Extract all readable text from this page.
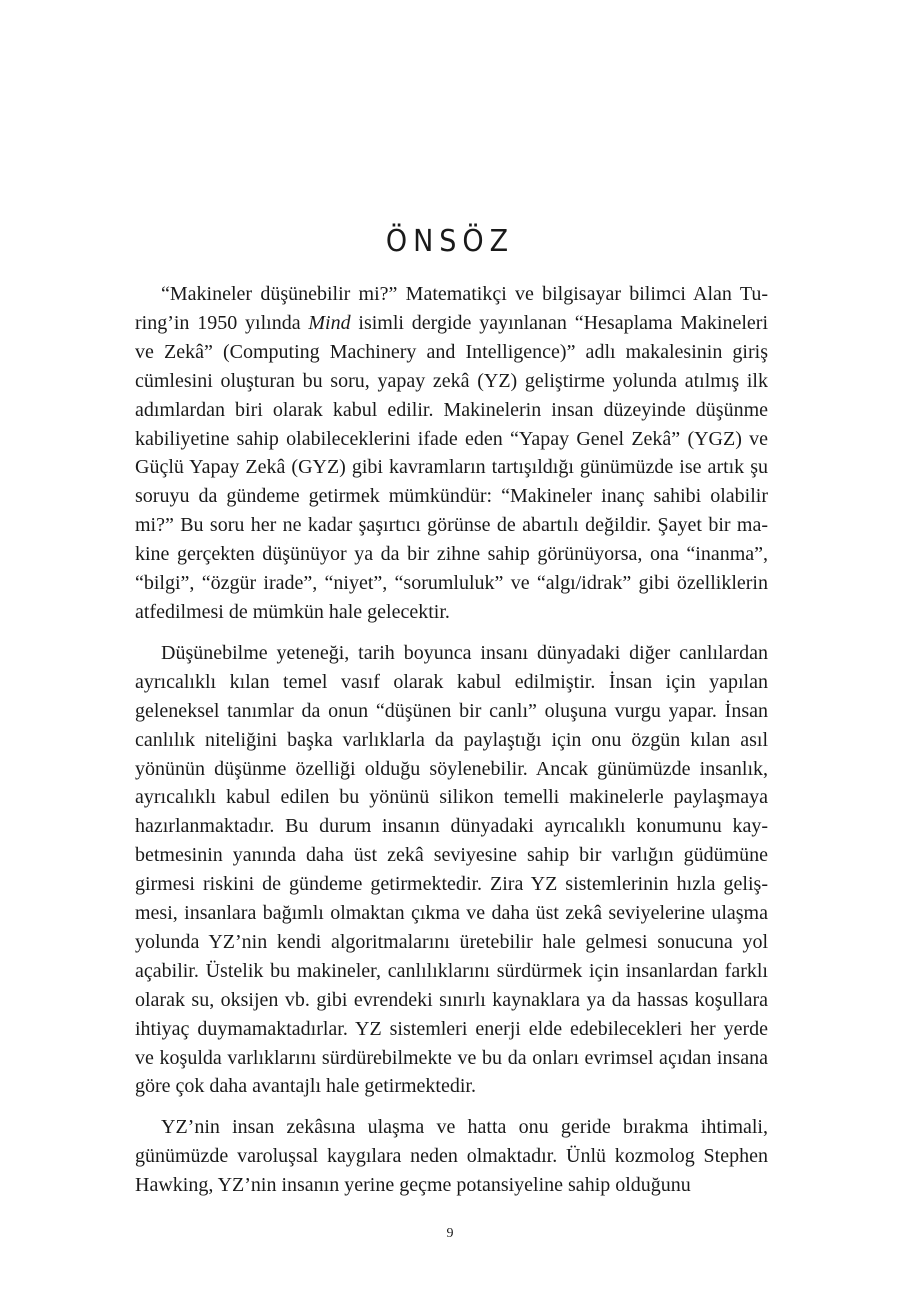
ÖNSÖZ

“Makineler düşünebilir mi?” Matematikçi ve bilgisayar bilimci Alan Turing’in 1950 yılında Mind isimli dergide yayınlanan “Hesaplama Makineleri ve Zekâ” (Computing Machinery and Intelligence)” adlı makalesinin giriş cümlesini oluşturan bu soru, yapay zekâ (YZ) geliştirme yolunda atılmış ilk adımlardan biri olarak kabul edilir. Makinelerin insan düzeyinde düşünme kabiliyetine sahip olabileceklerini ifade eden “Yapay Genel Zekâ” (YGZ) ve Güçlü Yapay Zekâ (GYZ) gibi kavramların tartışıldığı günümüzde ise artık şu soruyu da gündeme getirmek mümkündür: “Makineler inanç sahibi olabilir mi?” Bu soru her ne kadar şaşırtıcı görünse de abartılı değildir. Şayet bir makine gerçekten düşünüyor ya da bir zihne sahip görünüyorsa, ona “inanma”, “bilgi”, “özgür irade”, “niyet”, “sorumluluk” ve “algı/idrak” gibi özelliklerin atfedilmesi de mümkün hale gelecektir.

Düşünebilme yeteneği, tarih boyunca insanı dünyadaki diğer canlılardan ayrıcalıklı kılan temel vasıf olarak kabul edilmiştir. İnsan için yapılan geleneksel tanımlar da onun “düşünen bir canlı” oluşuna vurgu yapar. İnsan canlılık niteliğini başka varlıklarla da paylaştığı için onu özgün kılan asıl yönünün düşünme özelliği olduğu söylenebilir. Ancak günümüzde insanlık, ayrıcalıklı kabul edilen bu yönünü silikon temelli makinelerle paylaşmaya hazırlanmaktadır. Bu durum insanın dünyadaki ayrıcalıklı konumunu kaybetmesinin yanında daha üst zekâ seviyesine sahip bir varlığın güdümüne girmesi riskini de gündeme getirmektedir. Zira YZ sistemlerinin hızla gelişmesi, insanlara bağımlı olmaktan çıkma ve daha üst zekâ seviyelerine ulaşma yolunda YZ’nin kendi algoritmalarını üretebilir hale gelmesi sonucuna yol açabilir. Üstelik bu makineler, canlılıklarını sürdürmek için insanlardan farklı olarak su, oksijen vb. gibi evrendeki sınırlı kaynaklara ya da hassas koşullara ihtiyaç duymamaktadırlar. YZ sistemleri enerji elde edebilecekleri her yerde ve koşulda varlıklarını sürdürebilmekte ve bu da onları evrimsel açıdan insana göre çok daha avantajlı hale getirmektedir.

YZ’nin insan zekâsına ulaşma ve hatta onu geride bırakma ihtimali, günümüzde varoluşsal kaygılara neden olmaktadır. Ünlü kozmolog Stephen Hawking, YZ’nin insanın yerine geçme potansiyeline sahip olduğunu

9
